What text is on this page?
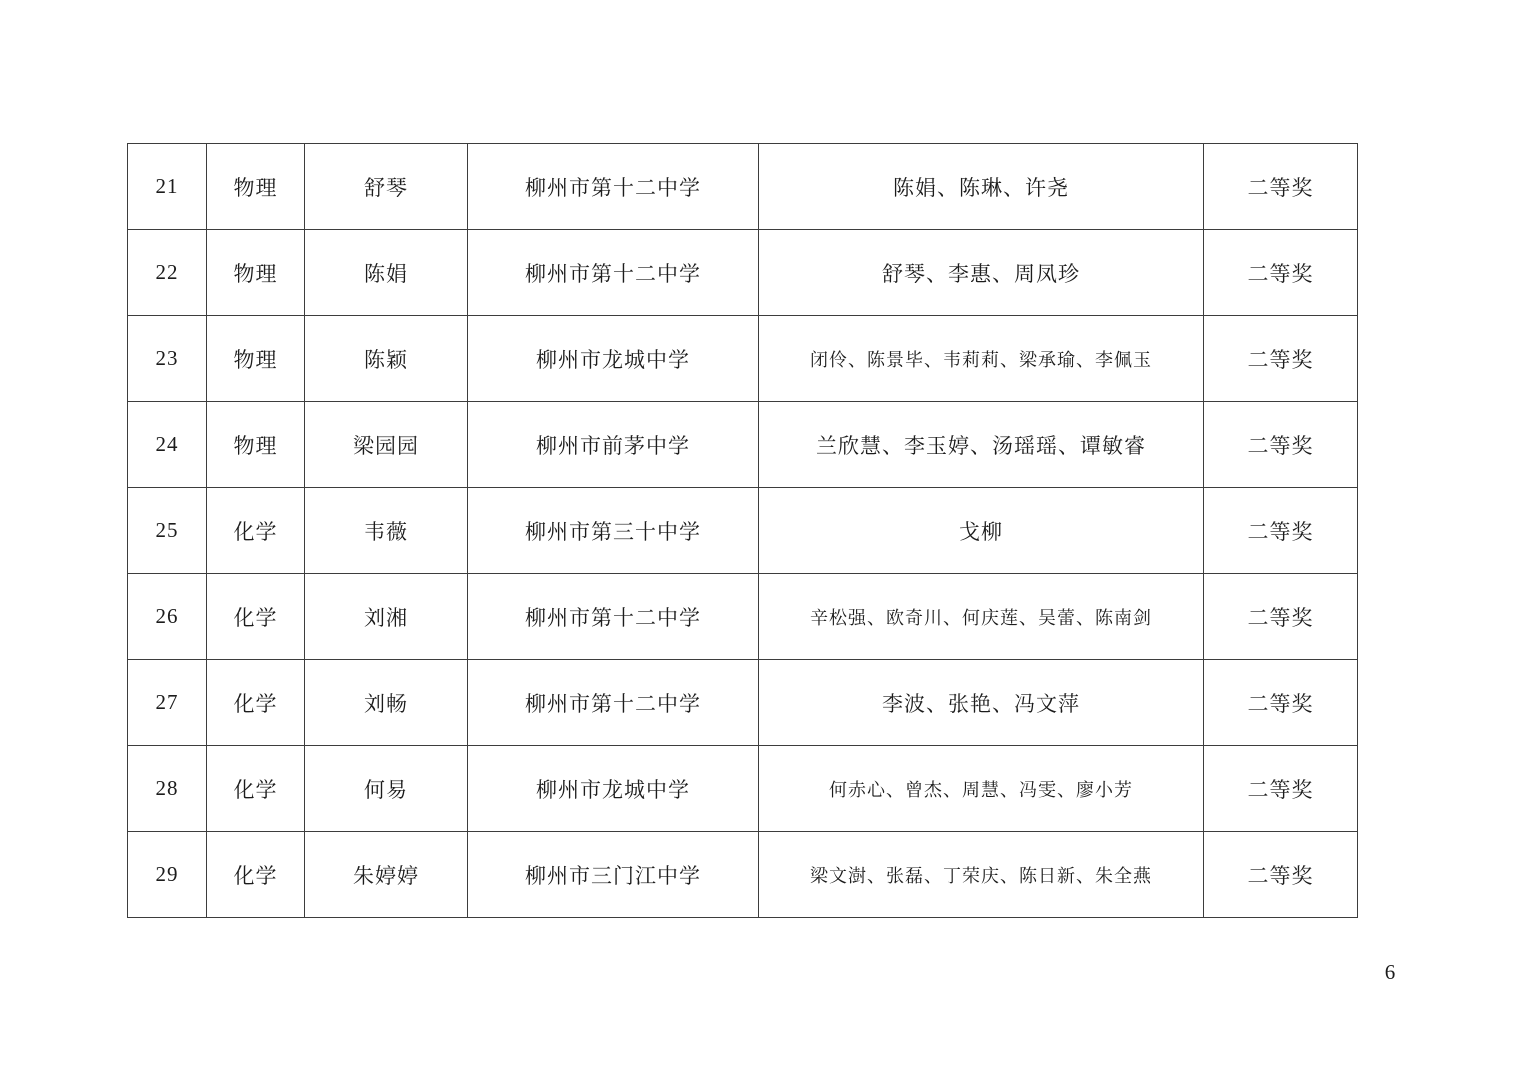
21	物理	舒琴	柳州市第十二中学	陈娟、陈琳、许尧	二等奖
22	物理	陈娟	柳州市第十二中学	舒琴、李惠、周凤珍	二等奖
23	物理	陈颖	柳州市龙城中学	闭伶、陈景毕、韦莉莉、梁承瑜、李佩玉	二等奖
24	物理	梁园园	柳州市前茅中学	兰欣慧、李玉婷、汤瑶瑶、谭敏睿	二等奖
25	化学	韦薇	柳州市第三十中学	戈柳	二等奖
26	化学	刘湘	柳州市第十二中学	辛松强、欧奇川、何庆莲、吴蕾、陈南剑	二等奖
27	化学	刘畅	柳州市第十二中学	李波、张艳、冯文萍	二等奖
28	化学	何易	柳州市龙城中学	何赤心、曾杰、周慧、冯雯、廖小芳	二等奖
29	化学	朱婷婷	柳州市三门江中学	梁文澍、张磊、丁荣庆、陈日新、朱全燕	二等奖
6
